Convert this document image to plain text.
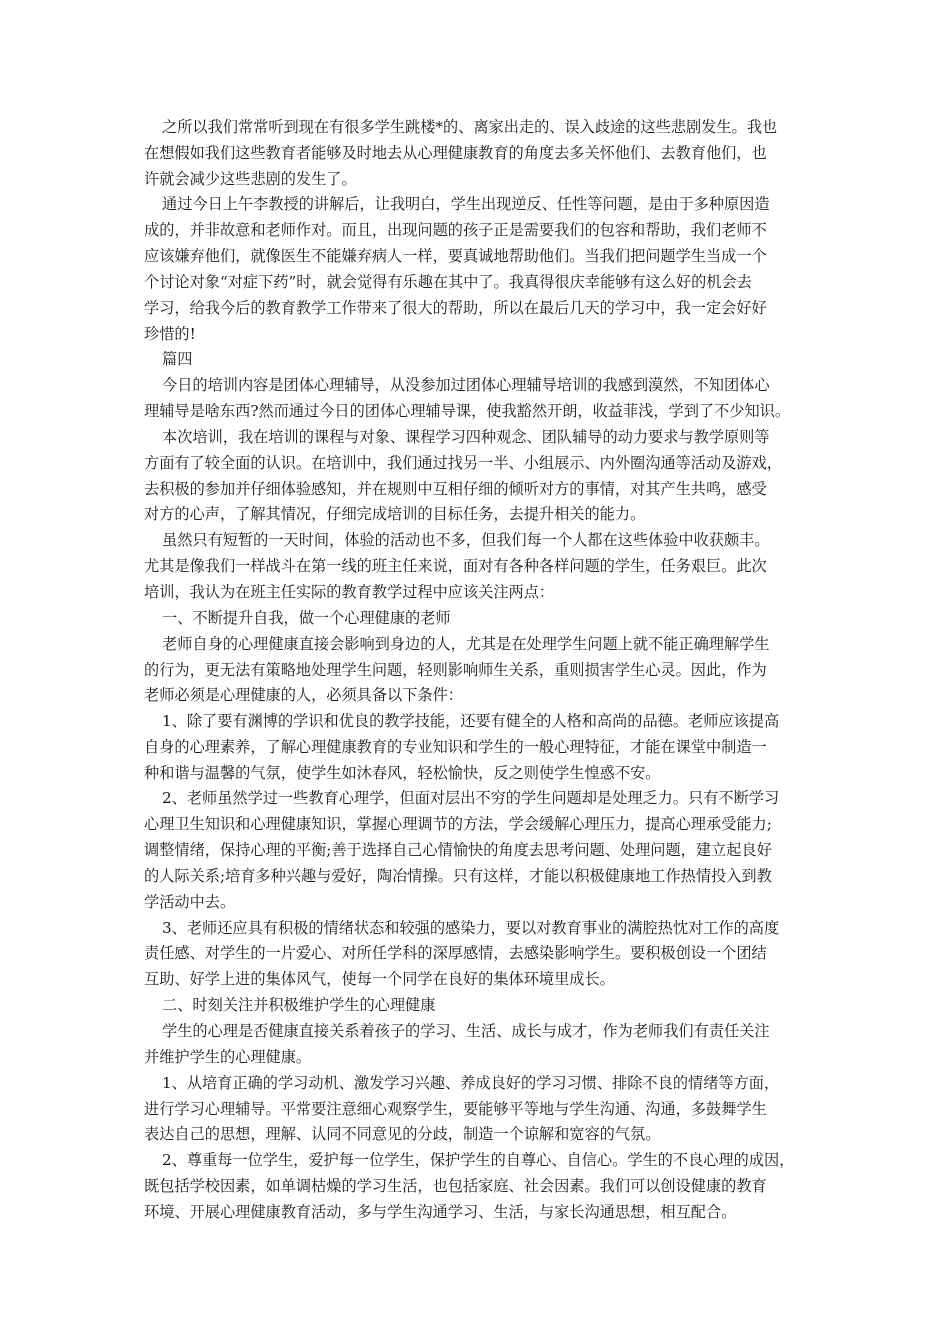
之所以我们常常听到现在有很多学生跳楼*的、离家出走的、误入歧途的这些悲剧发生。我也

在想假如我们这些教育者能够及时地去从心理健康教育的角度去多关怀他们、去教育他们，也

许就会减少这些悲剧的发生了。

通过今日上午李教授的讲解后，让我明白，学生出现逆反、任性等问题，是由于多种原因造

成的，并非故意和老师作对。而且，出现问题的孩子正是需要我们的包容和帮助，我们老师不

应该嫌弃他们，就像医生不能嫌弃病人一样，要真诚地帮助他们。当我们把问题学生当成一个

个讨论对象“对症下药”时，就会觉得有乐趣在其中了。我真得很庆幸能够有这么好的机会去

学习，给我今后的教育教学工作带来了很大的帮助，所以在最后几天的学习中，我一定会好好

珍惜的!

篇四

今日的培训内容是团体心理辅导，从没参加过团体心理辅导培训的我感到漠然，不知团体心

理辅导是啥东西?然而通过今日的团体心理辅导课，使我豁然开朗，收益菲浅，学到了不少知识。

本次培训，我在培训的课程与对象、课程学习四种观念、团队辅导的动力要求与教学原则等

方面有了较全面的认识。在培训中，我们通过找另一半、小组展示、内外圈沟通等活动及游戏，

去积极的参加并仔细体验感知，并在规则中互相仔细的倾听对方的事情，对其产生共鸣，感受

对方的心声，了解其情况，仔细完成培训的目标任务，去提升相关的能力。

虽然只有短暂的一天时间，体验的活动也不多，但我们每一个人都在这些体验中收获颇丰。

尤其是像我们一样战斗在第一线的班主任来说，面对有各种各样问题的学生，任务艰巨。此次

培训，我认为在班主任实际的教育教学过程中应该关注两点：

一、不断提升自我，做一个心理健康的老师

老师自身的心理健康直接会影响到身边的人，尤其是在处理学生问题上就不能正确理解学生

的行为，更无法有策略地处理学生问题，轻则影响师生关系，重则损害学生心灵。因此，作为

老师必须是心理健康的人，必须具备以下条件：

1、除了要有渊博的学识和优良的教学技能，还要有健全的人格和高尚的品德。老师应该提高

自身的心理素养，了解心理健康教育的专业知识和学生的一般心理特征，才能在课堂中制造一

种和谐与温馨的气氛，使学生如沐春风，轻松愉快，反之则使学生惶惑不安。

2、老师虽然学过一些教育心理学，但面对层出不穷的学生问题却是处理乏力。只有不断学习

心理卫生知识和心理健康知识，掌握心理调节的方法，学会缓解心理压力，提高心理承受能力;

调整情绪，保持心理的平衡;善于选择自己心情愉快的角度去思考问题、处理问题，建立起良好

的人际关系;培育多种兴趣与爱好，陶冶情操。只有这样，才能以积极健康地工作热情投入到教

学活动中去。

3、老师还应具有积极的情绪状态和较强的感染力，要以对教育事业的满腔热忱对工作的高度

责任感、对学生的一片爱心、对所任学科的深厚感情，去感染影响学生。要积极创设一个团结

互助、好学上进的集体风气，使每一个同学在良好的集体环境里成长。

二、时刻关注并积极维护学生的心理健康

学生的心理是否健康直接关系着孩子的学习、生活、成长与成才，作为老师我们有责任关注

并维护学生的心理健康。

1、从培育正确的学习动机、激发学习兴趣、养成良好的学习习惯、排除不良的情绪等方面，

进行学习心理辅导。平常要注意细心观察学生，要能够平等地与学生沟通、沟通，多鼓舞学生

表达自己的思想，理解、认同不同意见的分歧，制造一个谅解和宽容的气氛。

2、尊重每一位学生，爱护每一位学生，保护学生的自尊心、自信心。学生的不良心理的成因，

既包括学校因素，如单调枯燥的学习生活，也包括家庭、社会因素。我们可以创设健康的教育

环境、开展心理健康教育活动，多与学生沟通学习、生活，与家长沟通思想，相互配合。
